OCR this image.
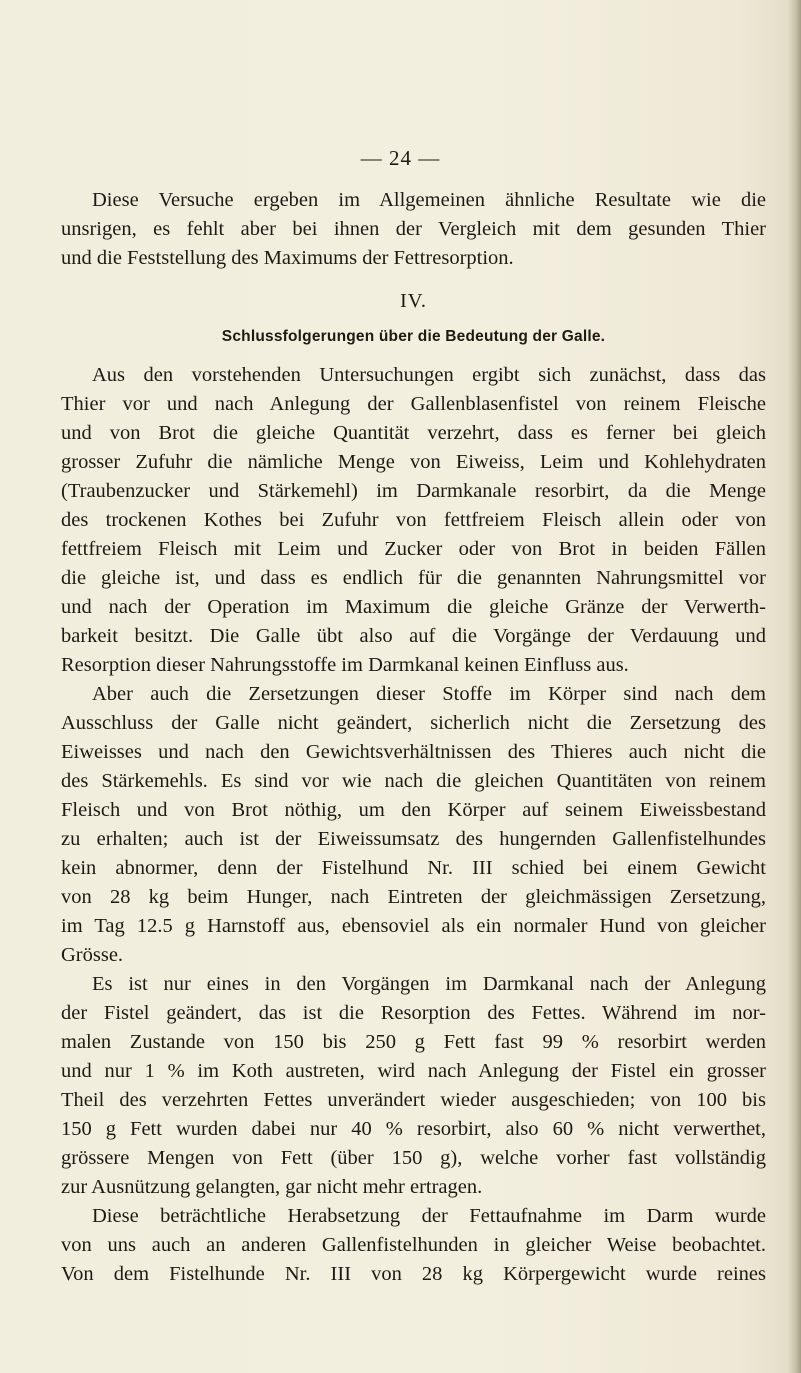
— 24 —

Diese Versuche ergeben im Allgemeinen ähnliche Resultate wie die

unsrigen, es fehlt aber bei ihnen der Vergleich mit dem gesunden Thier

und die Feststellung des Maximums der Fettresorption.

IV.

Schlussfolgerungen über die Bedeutung der Galle.

Aus den vorstehenden Untersuchungen ergibt sich zunächst, dass das

Thier vor und nach Anlegung der Gallenblasenfistel von reinem Fleische

und von Brot die gleiche Quantität verzehrt, dass es ferner bei gleich

grosser Zufuhr die nämliche Menge von Eiweiss, Leim und Kohlehydraten

(Traubenzucker und Stärkemehl) im Darmkanale resorbirt, da die Menge

des trockenen Kothes bei Zufuhr von fettfreiem Fleisch allein oder von

fettfreiem Fleisch mit Leim und Zucker oder von Brot in beiden Fällen

die gleiche ist, und dass es endlich für die genannten Nahrungsmittel vor

und nach der Operation im Maximum die gleiche Gränze der Verwerth-

barkeit besitzt. Die Galle übt also auf die Vorgänge der Verdauung und

Resorption dieser Nahrungsstoffe im Darmkanal keinen Einfluss aus.

Aber auch die Zersetzungen dieser Stoffe im Körper sind nach dem

Ausschluss der Galle nicht geändert, sicherlich nicht die Zersetzung des

Eiweisses und nach den Gewichtsverhältnissen des Thieres auch nicht die

des Stärkemehls. Es sind vor wie nach die gleichen Quantitäten von reinem

Fleisch und von Brot nöthig, um den Körper auf seinem Eiweissbestand

zu erhalten; auch ist der Eiweissumsatz des hungernden Gallenfistelhundes

kein abnormer, denn der Fistelhund Nr. III schied bei einem Gewicht

von 28 kg beim Hunger, nach Eintreten der gleichmässigen Zersetzung,

im Tag 12.5 g Harnstoff aus, ebensoviel als ein normaler Hund von gleicher

Grösse.

Es ist nur eines in den Vorgängen im Darmkanal nach der Anlegung

der Fistel geändert, das ist die Resorption des Fettes. Während im nor-

malen Zustande von 150 bis 250 g Fett fast 99 % resorbirt werden

und nur 1 % im Koth austreten, wird nach Anlegung der Fistel ein grosser

Theil des verzehrten Fettes unverändert wieder ausgeschieden; von 100 bis

150 g Fett wurden dabei nur 40 % resorbirt, also 60 % nicht verwerthet,

grössere Mengen von Fett (über 150 g), welche vorher fast vollständig

zur Ausnützung gelangten, gar nicht mehr ertragen.

Diese beträchtliche Herabsetzung der Fettaufnahme im Darm wurde

von uns auch an anderen Gallenfistelhunden in gleicher Weise beobachtet.

Von dem Fistelhunde Nr. III von 28 kg Körpergewicht wurde reines
